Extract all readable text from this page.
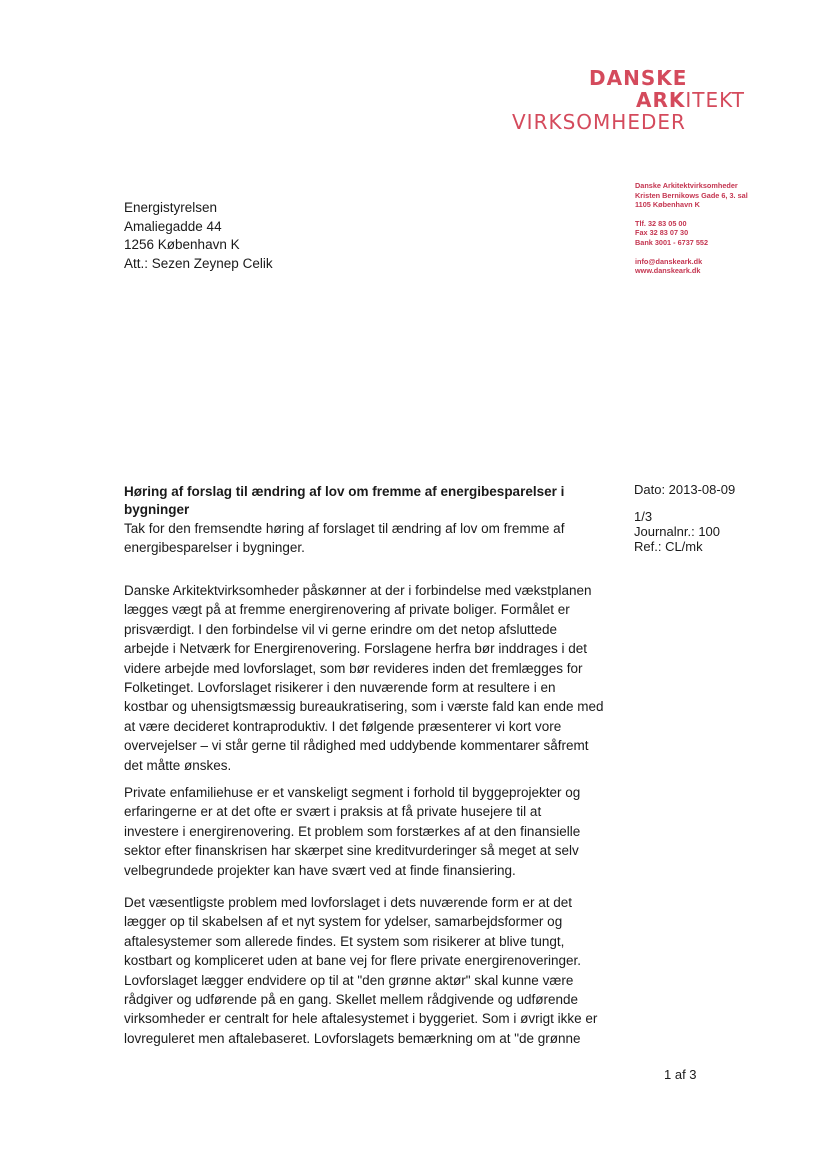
DANSKE
ARKITEKT
VIRKSOMHEDER
Energistyrelsen
Amaliegadde 44
1256 København K
Att.: Sezen Zeynep Celik
Danske Arkitektvirksomheder
Kristen Bernikows Gade 6, 3. sal
1105 København K
Tlf. 32 83 05 00
Fax 32 83 07 30
Bank 3001 - 6737 552
info@danskeark.dk
www.danskeark.dk
Høring af forslag til ændring af lov om fremme af energibesparelser i bygninger
Dato: 2013-08-09
1/3
Journalnr.: 100
Ref.: CL/mk
Tak for den fremsendte høring af forslaget til ændring af lov om fremme af
energibesparelser i bygninger.
Danske Arkitektvirksomheder påskønner at der i forbindelse med vækstplanen
lægges vægt på at fremme energirenovering af private boliger. Formålet er
prisværdigt. I den forbindelse vil vi gerne erindre om det netop afsluttede
arbejde i Netværk for Energirenovering. Forslagene herfra bør inddrages i det
videre arbejde med lovforslaget, som bør revideres inden det fremlægges for
Folketinget. Lovforslaget risikerer i den nuværende form at resultere i en
kostbar og uhensigtsmæssig bureaukratisering, som i værste fald kan ende med
at være decideret kontraproduktiv. I det følgende præsenterer vi kort vore
overvejelser – vi står gerne til rådighed med uddybende kommentarer såfremt
det måtte ønskes.
Private enfamiliehuse er et vanskeligt segment i forhold til byggeprojekter og
erfaringerne er at det ofte er svært i praksis at få private husejere til at
investere i energirenovering. Et problem som forstærkes af at den finansielle
sektor efter finanskrisen har skærpet sine kreditvurderinger så meget at selv
velbegrundede projekter kan have svært ved at finde finansiering.
Det væsentligste problem med lovforslaget i dets nuværende form er at det
lægger op til skabelsen af et nyt system for ydelser, samarbejdsformer og
aftalesystemer som allerede findes. Et system som risikerer at blive tungt,
kostbart og kompliceret uden at bane vej for flere private energirenoveringer.
Lovforslaget lægger endvidere op til at "den grønne aktør" skal kunne være
rådgiver og udførende på en gang. Skellet mellem rådgivende og udførende
virksomheder er centralt for hele aftalesystemet i byggeriet. Som i øvrigt ikke er
lovreguleret men aftalebaseret. Lovforslagets bemærkning om at "de grønne
1 af 3
